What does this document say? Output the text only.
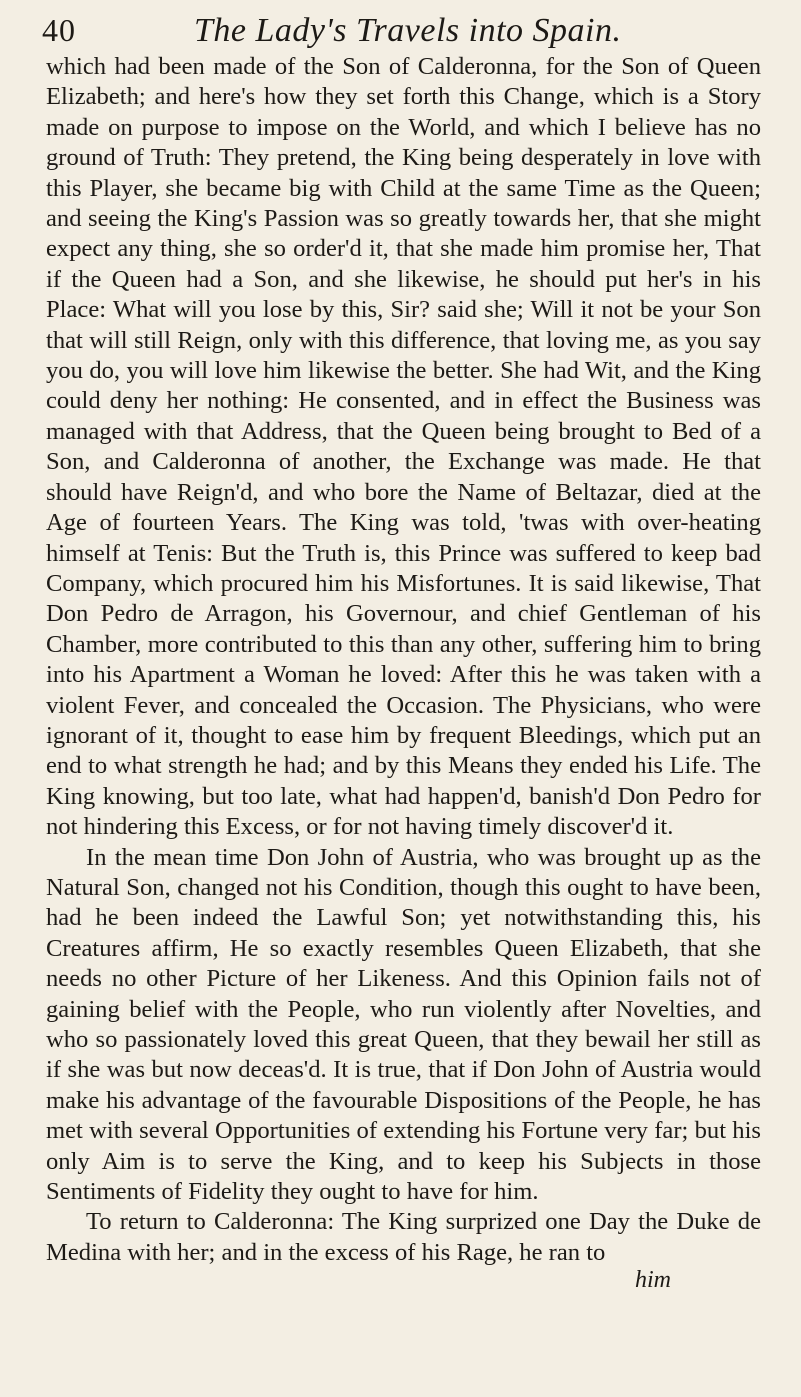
40	The Lady's Travels into Spain.

which had been made of the Son of Calderonna, for the Son of Queen Elizabeth; and here's how they set forth this Change, which is a Story made on purpose to impose on the World, and which I believe has no ground of Truth: They pretend, the King being desperately in love with this Player, she became big with Child at the same Time as the Queen; and seeing the King's Passion was so greatly towards her, that she might expect any thing, she so order'd it, that she made him promise her, That if the Queen had a Son, and she likewise, he should put her's in his Place: What will you lose by this, Sir? said she; Will it not be your Son that will still Reign, only with this difference, that loving me, as you say you do, you will love him likewise the better. She had Wit, and the King could deny her nothing: He consented, and in effect the Business was managed with that Address, that the Queen being brought to Bed of a Son, and Calderonna of another, the Exchange was made. He that should have Reign'd, and who bore the Name of Beltazar, died at the Age of fourteen Years. The King was told, 'twas with over-heating himself at Tenis: But the Truth is, this Prince was suffered to keep bad Company, which procured him his Misfortunes. It is said likewise, That Don Pedro de Arragon, his Governour, and chief Gentleman of his Chamber, more contributed to this than any other, suffering him to bring into his Apartment a Woman he loved: After this he was taken with a violent Fever, and concealed the Occasion. The Physicians, who were ignorant of it, thought to ease him by frequent Bleedings, which put an end to what strength he had; and by this Means they ended his Life. The King knowing, but too late, what had happen'd, banish'd Don Pedro for not hindering this Excess, or for not having timely discover'd it.

In the mean time Don John of Austria, who was brought up as the Natural Son, changed not his Condition, though this ought to have been, had he been indeed the Lawful Son; yet notwithstanding this, his Creatures affirm, He so exactly resembles Queen Elizabeth, that she needs no other Picture of her Likeness. And this Opinion fails not of gaining belief with the People, who run violently after Novelties, and who so passionately loved this great Queen, that they bewail her still as if she was but now deceas'd. It is true, that if Don John of Austria would make his advantage of the favourable Dispositions of the People, he has met with several Opportunities of extending his Fortune very far; but his only Aim is to serve the King, and to keep his Subjects in those Sentiments of Fidelity they ought to have for him.

To return to Calderonna: The King surprized one Day the Duke de Medina with her; and in the excess of his Rage, he ran to

him
